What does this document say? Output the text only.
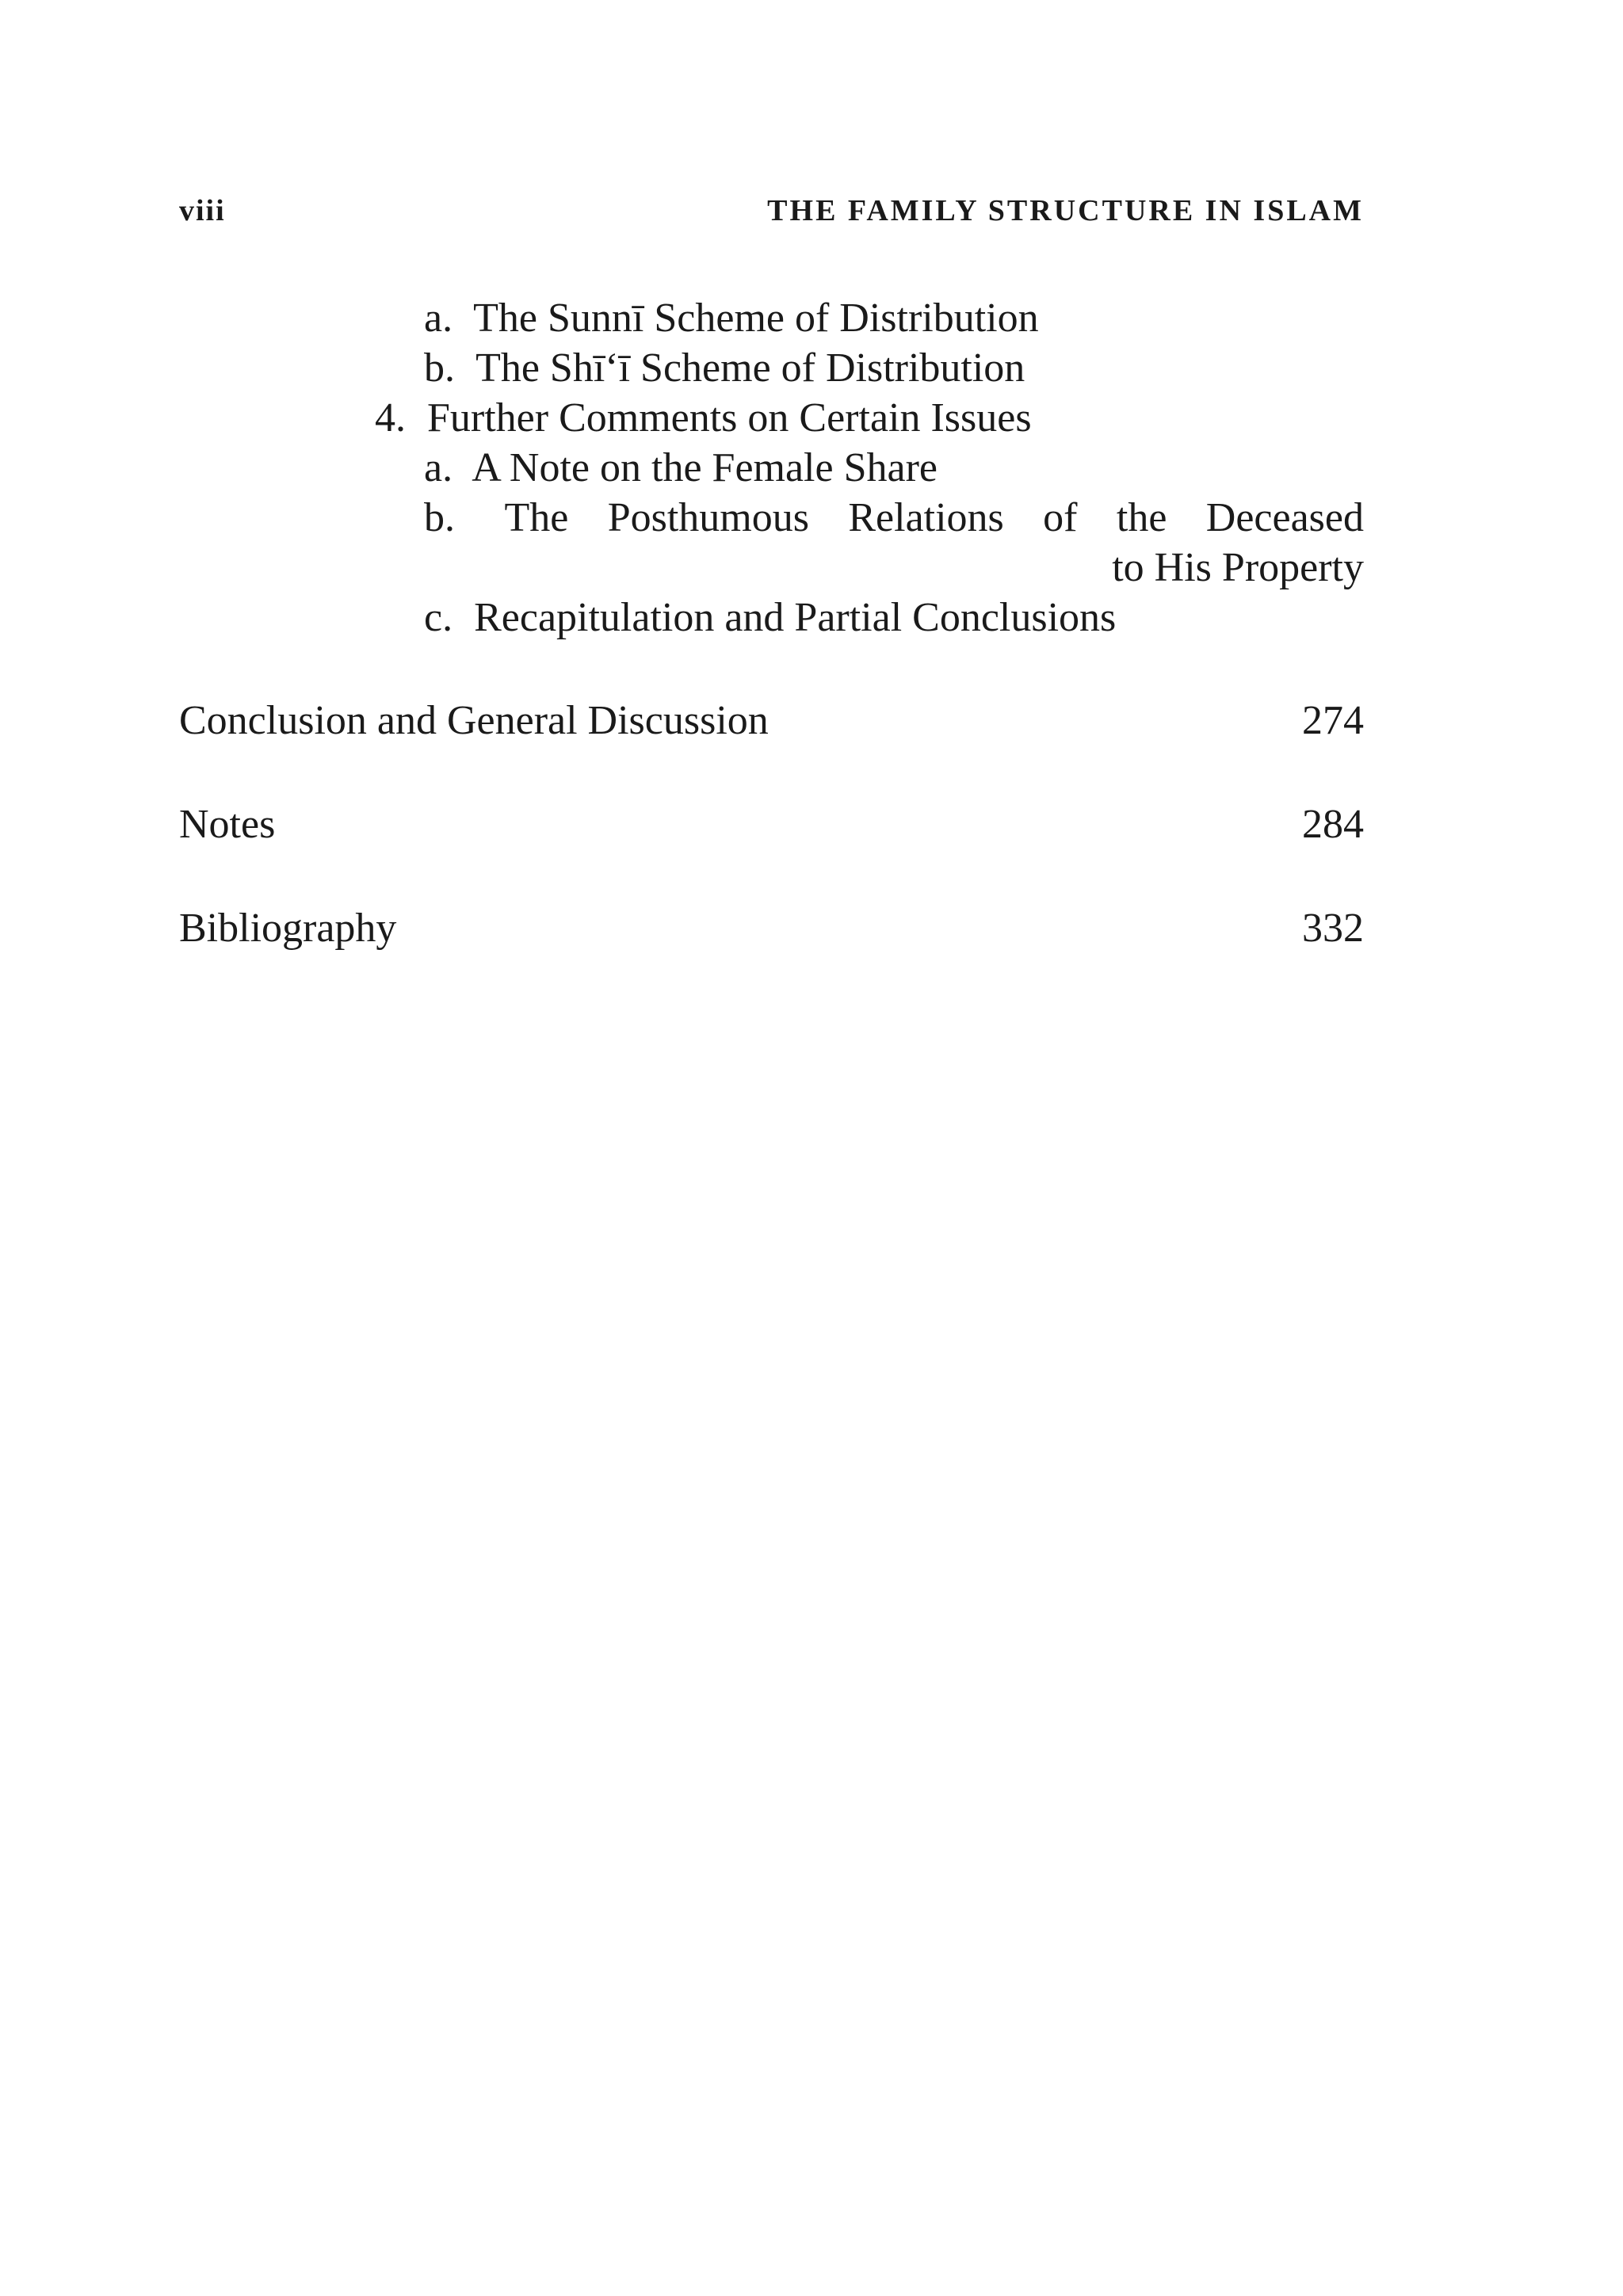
viii	THE FAMILY STRUCTURE IN ISLAM
a. The Sunnī Scheme of Distribution
b. The Shī‘ī Scheme of Distribution
4. Further Comments on Certain Issues
a. A Note on the Female Share
b. The Posthumous Relations of the Deceased
to His Property
c. Recapitulation and Partial Conclusions
Conclusion and General Discussion	274
Notes	284
Bibliography	332
